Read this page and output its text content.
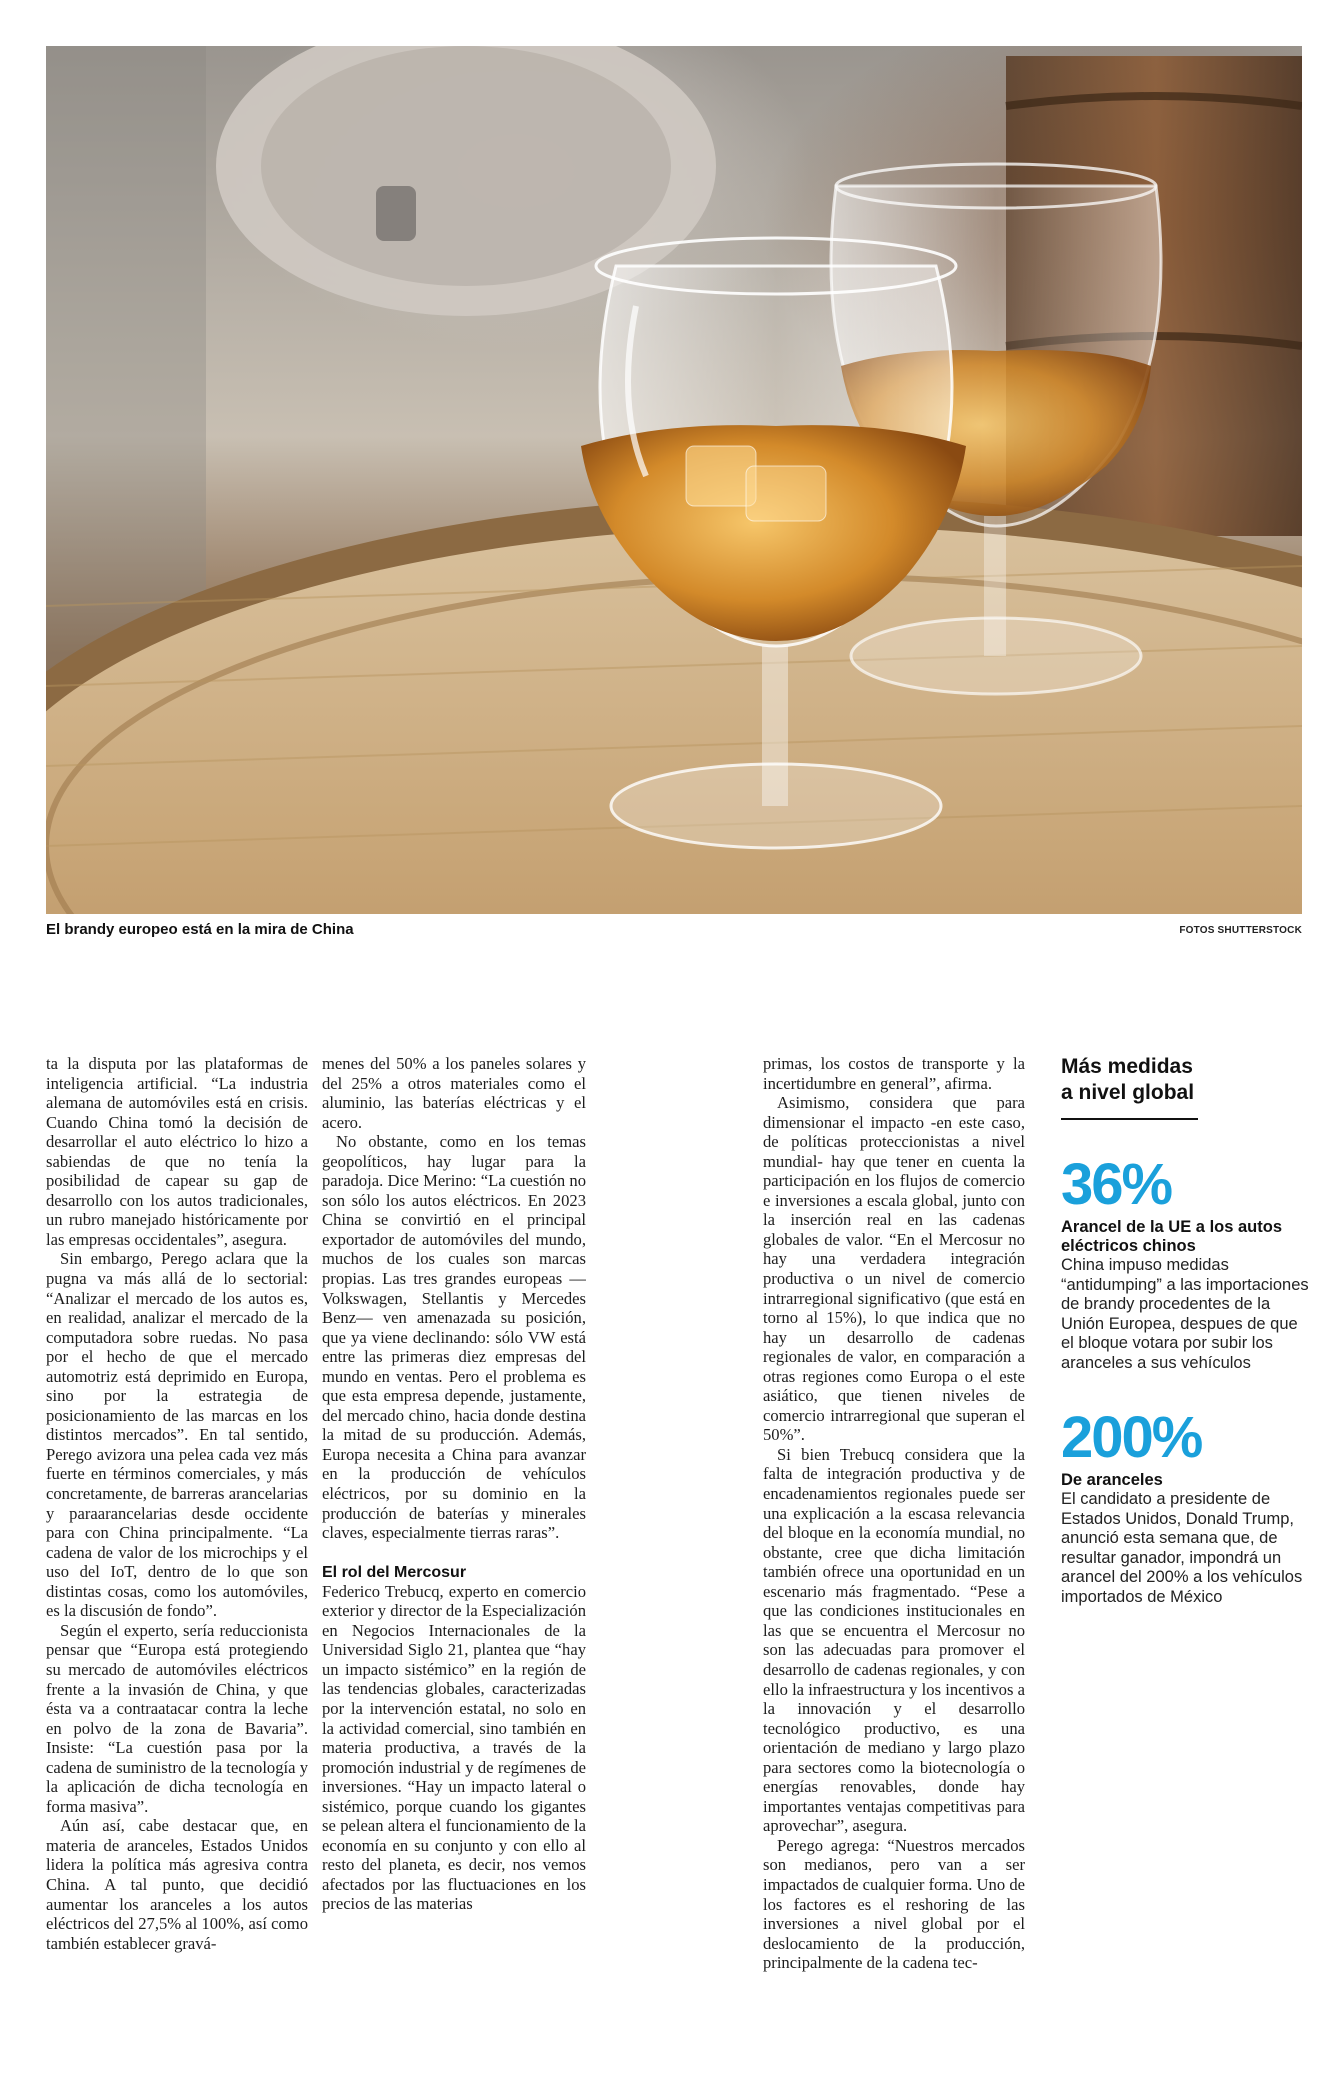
El brandy europeo está en la mira de China	FOTOS SHUTTERSTOCK

ta la disputa por las plataformas de inteligencia artificial. “La industria alemana de automóviles está en crisis. Cuando China tomó la decisión de desarrollar el auto eléctrico lo hizo a sabiendas de que no tenía la posibilidad de capear su gap de desarrollo con los autos tradicionales, un rubro manejado históricamente por las empresas occidentales”, asegura.

Sin embargo, Perego aclara que la pugna va más allá de lo sectorial: “Analizar el mercado de los autos es, en realidad, analizar el mercado de la computadora sobre ruedas. No pasa por el hecho de que el mercado automotriz está deprimido en Europa, sino por la estrategia de posicionamiento de las marcas en los distintos mercados”. En tal sentido, Perego avizora una pelea cada vez más fuerte en términos comerciales, y más concretamente, de barreras arancelarias y paraarancelarias desde occidente para con China principalmente. “La cadena de valor de los microchips y el uso del IoT, dentro de lo que son distintas cosas, como los automóviles, es la discusión de fondo”.

Según el experto, sería reduccionista pensar que “Europa está protegiendo su mercado de automóviles eléctricos frente a la invasión de China, y que ésta va a contraatacar contra la leche en polvo de la zona de Bavaria”. Insiste: “La cuestión pasa por la cadena de suministro de la tecnología y la aplicación de dicha tecnología en forma masiva”.

Aún así, cabe destacar que, en materia de aranceles, Estados Unidos lidera la política más agresiva contra China. A tal punto, que decidió aumentar los aranceles a los autos eléctricos del 27,5% al 100%, así como también establecer gravá-

menes del 50% a los paneles solares y del 25% a otros materiales como el aluminio, las baterías eléctricas y el acero.

No obstante, como en los temas geopolíticos, hay lugar para la paradoja. Dice Merino: “La cuestión no son sólo los autos eléctricos. En 2023 China se convirtió en el principal exportador de automóviles del mundo, muchos de los cuales son marcas propias. Las tres grandes europeas —Volkswagen, Stellantis y Mercedes Benz— ven amenazada su posición, que ya viene declinando: sólo VW está entre las primeras diez empresas del mundo en ventas. Pero el problema es que esta empresa depende, justamente, del mercado chino, hacia donde destina la mitad de su producción. Además, Europa necesita a China para avanzar en la producción de vehículos eléctricos, por su dominio en la producción de baterías y minerales claves, especialmente tierras raras”.

El rol del Mercosur

Federico Trebucq, experto en comercio exterior y director de la Especialización en Negocios Internacionales de la Universidad Siglo 21, plantea que “hay un impacto sistémico” en la región de las tendencias globales, caracterizadas por la intervención estatal, no solo en la actividad comercial, sino también en materia productiva, a través de la promoción industrial y de regímenes de inversiones. “Hay un impacto lateral o sistémico, porque cuando los gigantes se pelean altera el funcionamiento de la economía en su conjunto y con ello al resto del planeta, es decir, nos vemos afectados por las fluctuaciones en los precios de las materias

primas, los costos de transporte y la incertidumbre en general”, afirma.

Asimismo, considera que para dimensionar el impacto -en este caso, de políticas proteccionistas a nivel mundial- hay que tener en cuenta la participación en los flujos de comercio e inversiones a escala global, junto con la inserción real en las cadenas globales de valor. “En el Mercosur no hay una verdadera integración productiva o un nivel de comercio intrarregional significativo (que está en torno al 15%), lo que indica que no hay un desarrollo de cadenas regionales de valor, en comparación a otras regiones como Europa o el este asiático, que tienen niveles de comercio intrarregional que superan el 50%”.

Si bien Trebucq considera que la falta de integración productiva y de encadenamientos regionales puede ser una explicación a la escasa relevancia del bloque en la economía mundial, no obstante, cree que dicha limitación también ofrece una oportunidad en un escenario más fragmentado. “Pese a que las condiciones institucionales en las que se encuentra el Mercosur no son las adecuadas para promover el desarrollo de cadenas regionales, y con ello la infraestructura y los incentivos a la innovación y el desarrollo tecnológico productivo, es una orientación de mediano y largo plazo para sectores como la biotecnología o energías renovables, donde hay importantes ventajas competitivas para aprovechar”, asegura.

Perego agrega: “Nuestros mercados son medianos, pero van a ser impactados de cualquier forma. Uno de los factores es el reshoring de las inversiones a nivel global por el deslocamiento de la producción, principalmente de la cadena tec-

Más medidas
a nivel global
36%
Arancel de la UE a los autos eléctricos chinos
China impuso medidas “antidumping” a las importaciones de brandy procedentes de la Unión Europea, despues de que el bloque votara por subir los aranceles a sus vehículos
200%
De aranceles
El candidato a presidente de Estados Unidos, Donald Trump, anunció esta semana que, de resultar ganador, impondrá un arancel del 200% a los vehículos importados de México
